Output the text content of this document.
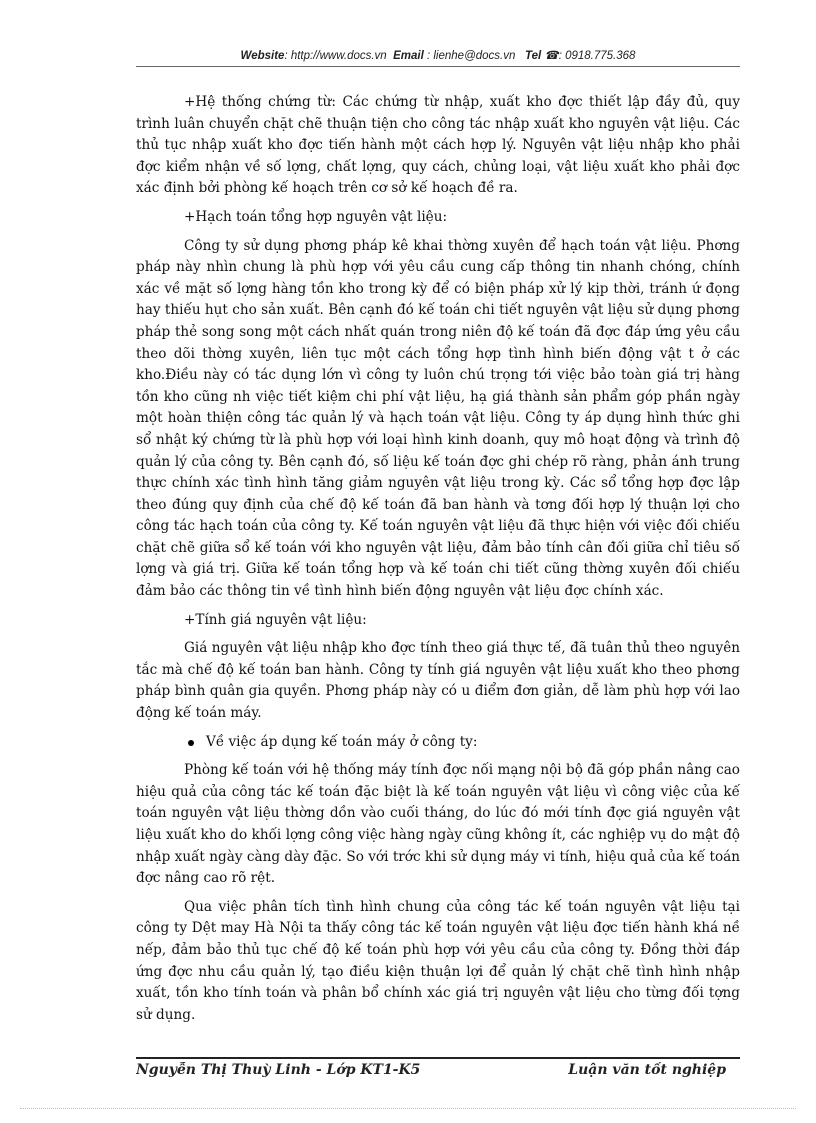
Website: http://www.docs.vn Email : lienhe@docs.vn Tel ☎: 0918.775.368

+Hệ thống chứng từ: Các chứng từ nhập, xuất kho đợc thiết lập đầy đủ, quy trình luân chuyển chặt chẽ thuận tiện cho công tác nhập xuất kho nguyên vật liệu. Các thủ tục nhập xuất kho đợc tiến hành một cách hợp lý. Nguyên vật liệu nhập kho phải đợc kiểm nhận về số lợng, chất lợng, quy cách, chủng loại, vật liệu xuất kho phải đợc xác định bởi phòng kế hoạch trên cơ sở kế hoạch đề ra.

+Hạch toán tổng hợp nguyên vật liệu:

Công ty sử dụng phơng pháp kê khai thờng xuyên để hạch toán vật liệu. Phơng pháp này nhìn chung là phù hợp với yêu cầu cung cấp thông tin nhanh chóng, chính xác về mặt số lợng hàng tồn kho trong kỳ để có biện pháp xử lý kịp thời, tránh ứ đọng hay thiếu hụt cho sản xuất. Bên cạnh đó kế toán chi tiết nguyên vật liệu sử dụng phơng pháp thẻ song song một cách nhất quán trong niên độ kế toán đã đợc đáp ứng yêu cầu theo dõi thờng xuyên, liên tục một cách tổng hợp tình hình biến động vật t ở các kho.Điều này có tác dụng lớn vì công ty luôn chú trọng tới việc bảo toàn giá trị hàng tồn kho cũng nh việc tiết kiệm chi phí vật liệu, hạ giá thành sản phẩm góp phần ngày một hoàn thiện công tác quản lý và hạch toán vật liệu. Công ty áp dụng hình thức ghi sổ nhật ký chứng từ là phù hợp với loại hình kinh doanh, quy mô hoạt động và trình độ quản lý của công ty. Bên cạnh đó, số liệu kế toán đợc ghi chép rõ ràng, phản ánh trung thực chính xác tình hình tăng giảm nguyên vật liệu trong kỳ. Các sổ tổng hợp đợc lập theo đúng quy định của chế độ kế toán đã ban hành và tơng đối hợp lý thuận lợi cho công tác hạch toán của công ty. Kế toán nguyên vật liệu đã thực hiện với việc đối chiếu chặt chẽ giữa sổ kế toán với kho nguyên vật liệu, đảm bảo tính cân đối giữa chỉ tiêu số lợng và giá trị. Giữa kế toán tổng hợp và kế toán chi tiết cũng thờng xuyên đối chiếu đảm bảo các thông tin về tình hình biến động nguyên vật liệu đợc chính xác.

+Tính giá nguyên vật liệu:

Giá nguyên vật liệu nhập kho đợc tính theo giá thực tế, đã tuân thủ theo nguyên tắc mà chế độ kế toán ban hành. Công ty tính giá nguyên vật liệu xuất kho theo phơng pháp bình quân gia quyền. Phơng pháp này có u điểm đơn giản, dễ làm phù hợp với lao động kế toán máy.

Về việc áp dụng kế toán máy ở công ty:

Phòng kế toán với hệ thống máy tính đợc nối mạng nội bộ đã góp phần nâng cao hiệu quả của công tác kế toán đặc biệt là kế toán nguyên vật liệu vì công việc của kế toán nguyên vật liệu thờng dồn vào cuối tháng, do lúc đó mới tính đợc giá nguyên vật liệu xuất kho do khối lợng công việc hàng ngày cũng không ít, các nghiệp vụ do mật độ nhập xuất ngày càng dày đặc. So với trớc khi sử dụng máy vi tính, hiệu quả của kế toán đợc nâng cao rõ rệt.

Qua việc phân tích tình hình chung của công tác kế toán nguyên vật liệu tại công ty Dệt may Hà Nội ta thấy công tác kế toán nguyên vật liệu đợc tiến hành khá nề nếp, đảm bảo thủ tục chế độ kế toán phù hợp với yêu cầu của công ty. Đồng thời đáp ứng đợc nhu cầu quản lý, tạo điều kiện thuận lợi để quản lý chặt chẽ tình hình nhập xuất, tồn kho tính toán và phân bổ chính xác giá trị nguyên vật liệu cho từng đối tợng sử dụng.

Nguyễn Thị Thuỳ Linh - Lớp KT1-K5	Luận văn tốt nghiệp
